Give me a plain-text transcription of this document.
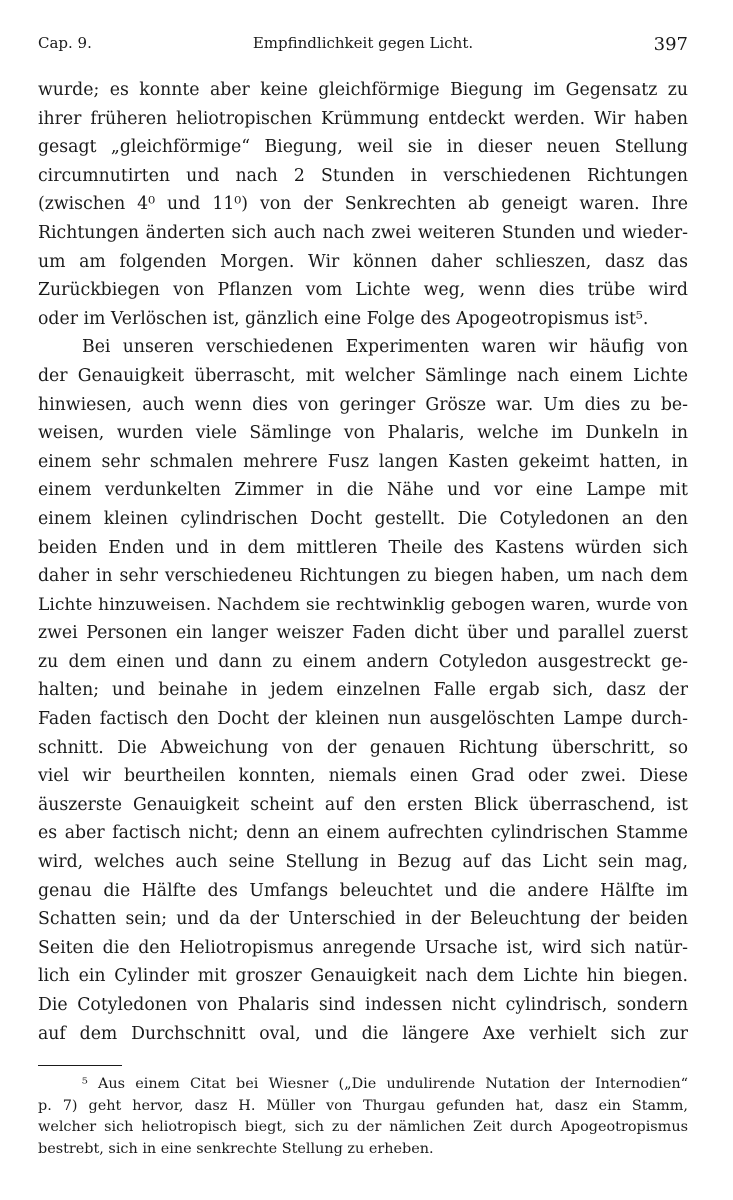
Cap. 9.	Empfindlichkeit gegen Licht.	397
wurde; es konnte aber keine gleichförmige Biegung im Gegensatz zu
ihrer früheren heliotropischen Krümmung entdeckt werden. Wir haben
gesagt „gleichförmige“ Biegung, weil sie in dieser neuen Stellung
circumnutirten und nach 2 Stunden in verschiedenen Richtungen
(zwischen 4⁰ und 11⁰) von der Senkrechten ab geneigt waren. Ihre
Richtungen änderten sich auch nach zwei weiteren Stunden und wieder-
um am folgenden Morgen. Wir können daher schlieszen, dasz das
Zurückbiegen von Pflanzen vom Lichte weg, wenn dies trübe wird
oder im Verlöschen ist, gänzlich eine Folge des Apogeotropismus ist⁵.
Bei unseren verschiedenen Experimenten waren wir häufig von
der Genauigkeit überrascht, mit welcher Sämlinge nach einem Lichte
hinwiesen, auch wenn dies von geringer Grösze war. Um dies zu be-
weisen, wurden viele Sämlinge von Phalaris, welche im Dunkeln in
einem sehr schmalen mehrere Fusz langen Kasten gekeimt hatten, in
einem verdunkelten Zimmer in die Nähe und vor eine Lampe mit
einem kleinen cylindrischen Docht gestellt. Die Cotyledonen an den
beiden Enden und in dem mittleren Theile des Kastens würden sich
daher in sehr verschiedeneu Richtungen zu biegen haben, um nach dem
Lichte hinzuweisen. Nachdem sie rechtwinklig gebogen waren, wurde von
zwei Personen ein langer weiszer Faden dicht über und parallel zuerst
zu dem einen und dann zu einem andern Cotyledon ausgestreckt ge-
halten; und beinahe in jedem einzelnen Falle ergab sich, dasz der
Faden factisch den Docht der kleinen nun ausgelöschten Lampe durch-
schnitt. Die Abweichung von der genauen Richtung überschritt, so
viel wir beurtheilen konnten, niemals einen Grad oder zwei. Diese
äuszerste Genauigkeit scheint auf den ersten Blick überraschend, ist
es aber factisch nicht; denn an einem aufrechten cylindrischen Stamme
wird, welches auch seine Stellung in Bezug auf das Licht sein mag,
genau die Hälfte des Umfangs beleuchtet und die andere Hälfte im
Schatten sein; und da der Unterschied in der Beleuchtung der beiden
Seiten die den Heliotropismus anregende Ursache ist, wird sich natür-
lich ein Cylinder mit groszer Genauigkeit nach dem Lichte hin biegen.
Die Cotyledonen von Phalaris sind indessen nicht cylindrisch, sondern
auf dem Durchschnitt oval, und die längere Axe verhielt sich zur
⁵ Aus einem Citat bei Wiesner („Die undulirende Nutation der Internodien“
p. 7) geht hervor, dasz H. Müller von Thurgau gefunden hat, dasz ein Stamm,
welcher sich heliotropisch biegt, sich zu der nämlichen Zeit durch Apogeotropismus
bestrebt, sich in eine senkrechte Stellung zu erheben.
